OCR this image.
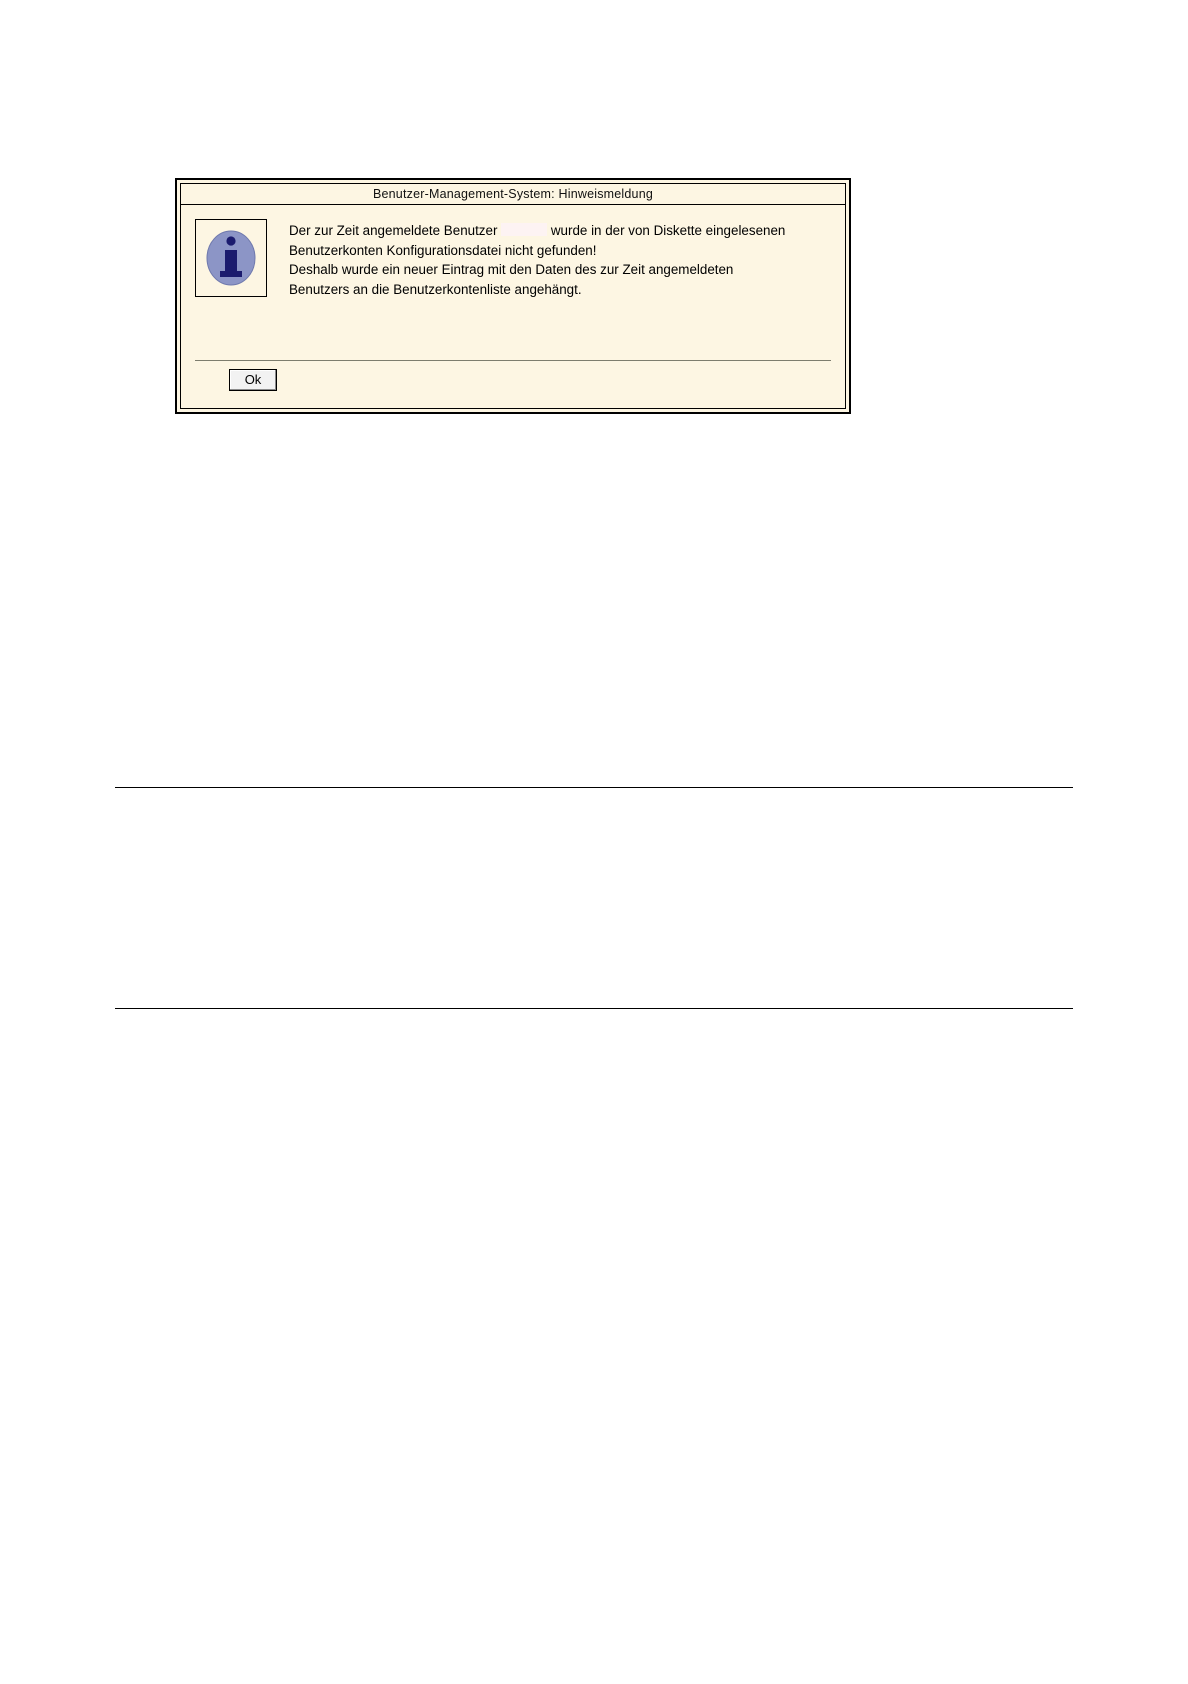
Benutzer-Management-System: Hinweismeldung
Der zur Zeit angemeldete Benutzer	wurde in der von Diskette eingelesenen
Benutzerkonten Konfigurationsdatei nicht gefunden!
Deshalb wurde ein neuer Eintrag mit den Daten des zur Zeit angemeldeten
Benutzers an die Benutzerkontenliste angehängt.
Ok
